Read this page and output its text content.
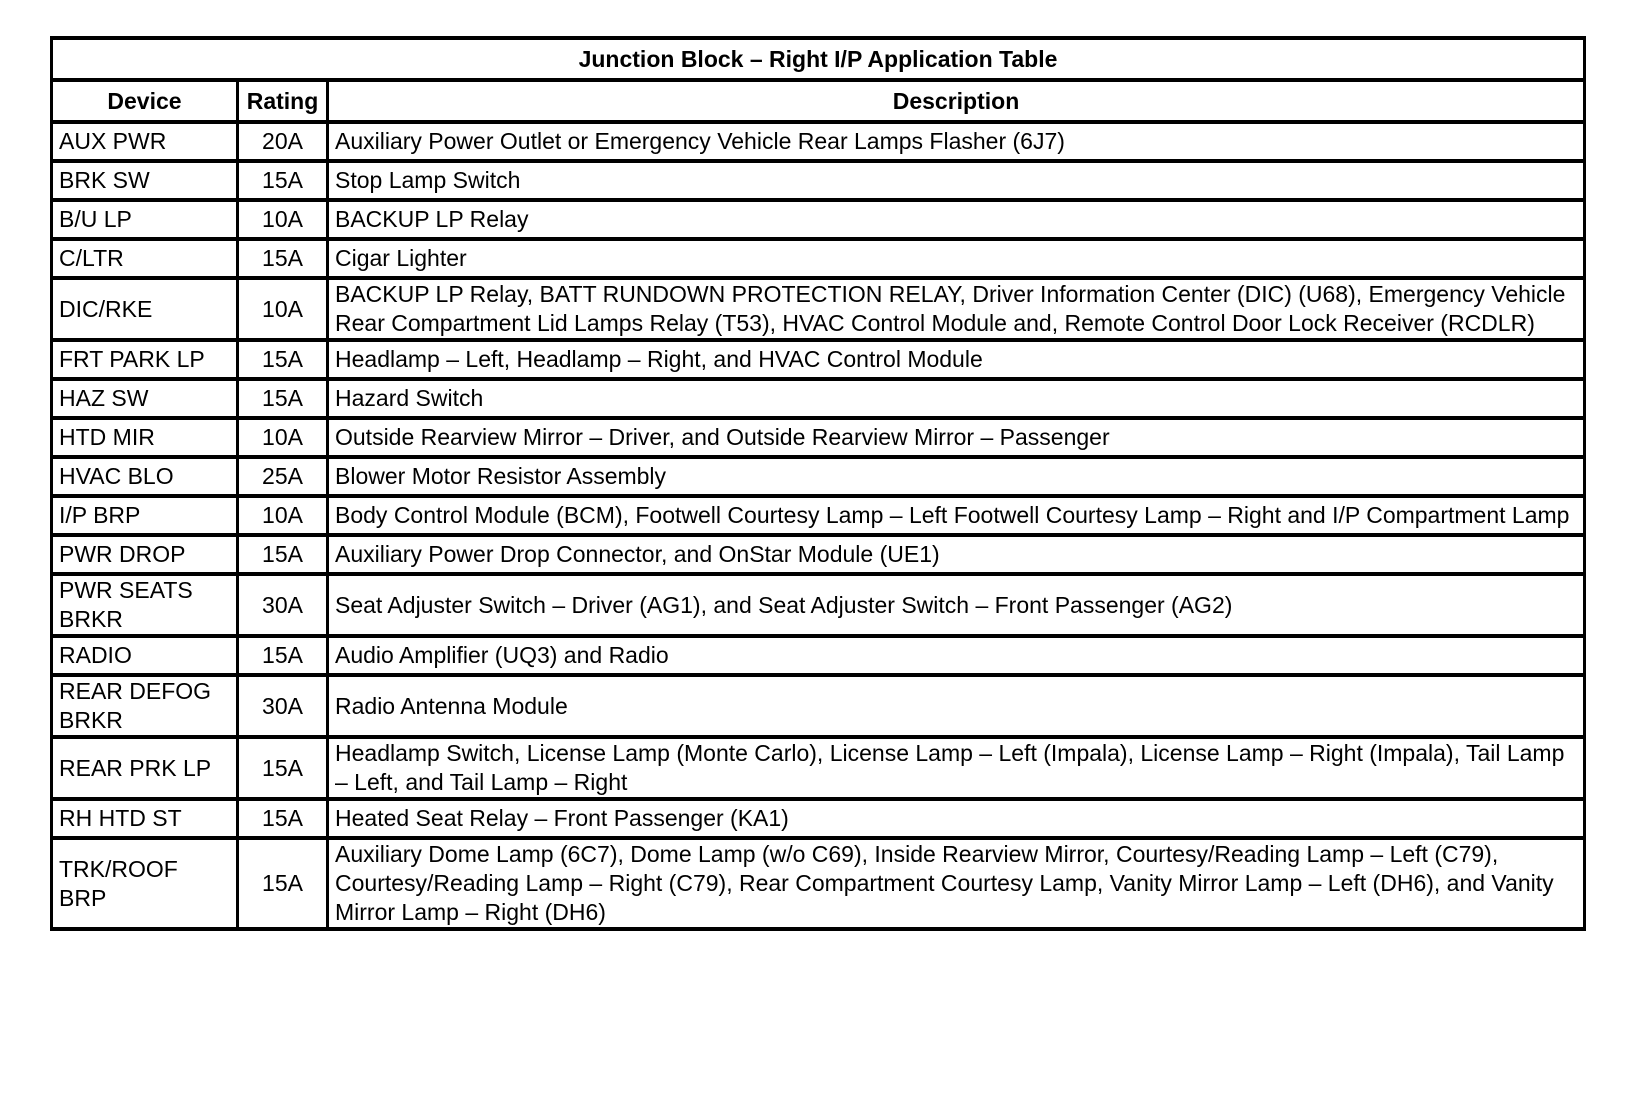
Junction Block – Right I/P Application Table		
Device	Rating	Description
AUX PWR	20A	Auxiliary Power Outlet or Emergency Vehicle Rear Lamps Flasher (6J7)
BRK SW	15A	Stop Lamp Switch
B/U LP	10A	BACKUP LP Relay
C/LTR	15A	Cigar Lighter
DIC/RKE	10A	BACKUP LP Relay, BATT RUNDOWN PROTECTION RELAY, Driver Information Center (DIC) (U68), Emergency Vehicle Rear Compartment Lid Lamps Relay (T53), HVAC Control Module and, Remote Control Door Lock Receiver (RCDLR)
FRT PARK LP	15A	Headlamp – Left, Headlamp – Right, and HVAC Control Module
HAZ SW	15A	Hazard Switch
HTD MIR	10A	Outside Rearview Mirror – Driver, and Outside Rearview Mirror – Passenger
HVAC BLO	25A	Blower Motor Resistor Assembly
I/P BRP	10A	Body Control Module (BCM), Footwell Courtesy Lamp – Left Footwell Courtesy Lamp – Right and I/P Compartment Lamp
PWR DROP	15A	Auxiliary Power Drop Connector, and OnStar Module (UE1)
PWR SEATS BRKR	30A	Seat Adjuster Switch – Driver (AG1), and Seat Adjuster Switch – Front Passenger (AG2)
RADIO	15A	Audio Amplifier (UQ3) and Radio
REAR DEFOG BRKR	30A	Radio Antenna Module
REAR PRK LP	15A	Headlamp Switch, License Lamp (Monte Carlo), License Lamp – Left (Impala), License Lamp – Right (Impala), Tail Lamp – Left, and Tail Lamp – Right
RH HTD ST	15A	Heated Seat Relay – Front Passenger (KA1)
TRK/ROOF BRP	15A	Auxiliary Dome Lamp (6C7), Dome Lamp (w/o C69), Inside Rearview Mirror, Courtesy/Reading Lamp – Left (C79), Courtesy/Reading Lamp – Right (C79), Rear Compartment Courtesy Lamp, Vanity Mirror Lamp – Left (DH6), and Vanity Mirror Lamp – Right (DH6)
